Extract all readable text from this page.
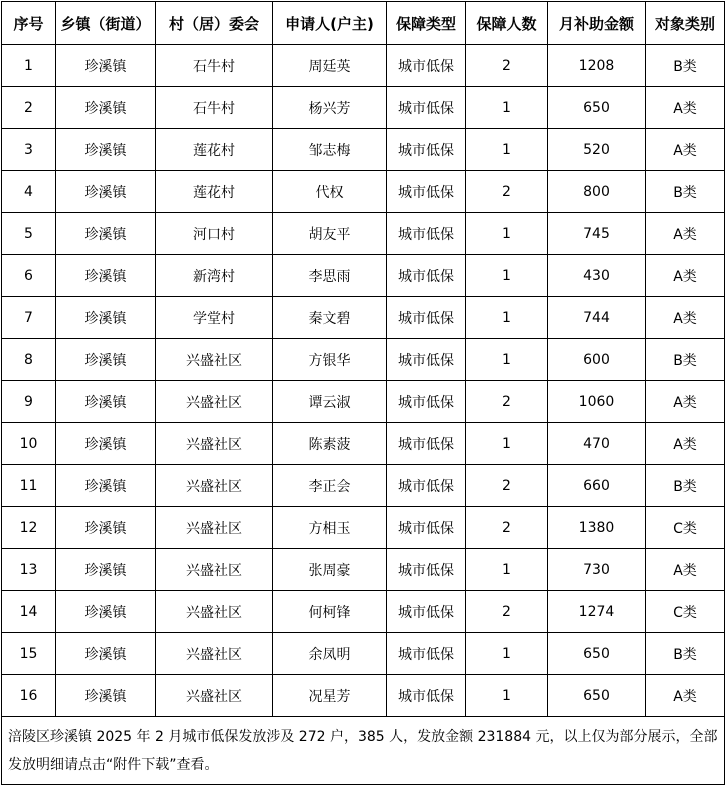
序号	乡镇（街道）	村（居）委会	申请人(户主)	保障类型	保障人数	月补助金额	对象类别
1	珍溪镇	石牛村	周廷英	城市低保	2	1208	B类
2	珍溪镇	石牛村	杨兴芳	城市低保	1	650	A类
3	珍溪镇	莲花村	邹志梅	城市低保	1	520	A类
4	珍溪镇	莲花村	代权	城市低保	2	800	B类
5	珍溪镇	河口村	胡友平	城市低保	1	745	A类
6	珍溪镇	新湾村	李思雨	城市低保	1	430	A类
7	珍溪镇	学堂村	秦文碧	城市低保	1	744	A类
8	珍溪镇	兴盛社区	方银华	城市低保	1	600	B类
9	珍溪镇	兴盛社区	谭云淑	城市低保	2	1060	A类
10	珍溪镇	兴盛社区	陈素菠	城市低保	1	470	A类
11	珍溪镇	兴盛社区	李正会	城市低保	2	660	B类
12	珍溪镇	兴盛社区	方相玉	城市低保	2	1380	C类
13	珍溪镇	兴盛社区	张周豪	城市低保	1	730	A类
14	珍溪镇	兴盛社区	何柯锋	城市低保	2	1274	C类
15	珍溪镇	兴盛社区	余凤明	城市低保	1	650	B类
16	珍溪镇	兴盛社区	况星芳	城市低保	1	650	A类
涪陵区珍溪镇 2025 年 2 月城市低保发放涉及 272 户，385 人，发放金额 231884 元，以上仅为部分展示，全部发放明细请点击“附件下载”查看。							
